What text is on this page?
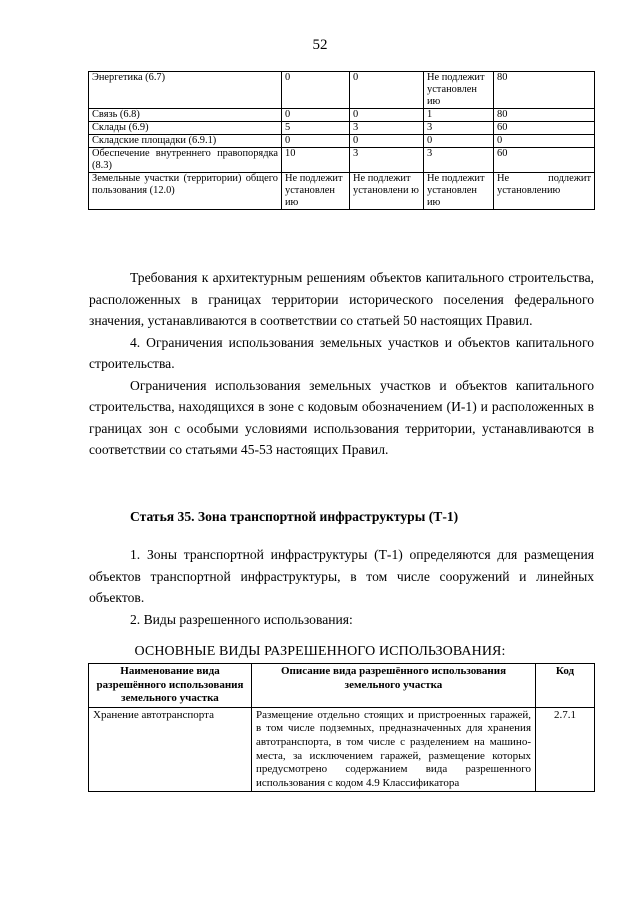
52
Энергетика (6.7)	0	0	Не подлежит установлен ию	80
Связь (6.8)	0	0	1	80
Склады (6.9)	5	3	3	60
Складские площадки (6.9.1)	0	0	0	0
Обеспечение внутреннего правопорядка (8.3)	10	3	3	60
Земельные участки (территории) общего пользования (12.0)	Не подлежит установлен ию	Не подлежит установлени ю	Не подлежит установлен ию	Не подлежит установлению

Требования к архитектурным решениям объектов капитального строительства, расположенных в границах территории исторического поселения федерального значения, устанавливаются в соответствии со статьей 50 настоящих Правил.

4. Ограничения использования земельных участков и объектов капитального строительства.

Ограничения использования земельных участков и объектов капитального строительства, находящихся в зоне с кодовым обозначением (И-1) и расположенных в границах зон с особыми условиями использования территории, устанавливаются в соответствии со статьями 45-53 настоящих Правил.

Статья 35. Зона транспортной инфраструктуры (Т-1)

1. Зоны транспортной инфраструктуры (Т-1) определяются для размещения объектов транспортной инфраструктуры, в том числе сооружений и линейных объектов.

2. Виды разрешенного использования:

ОСНОВНЫЕ ВИДЫ РАЗРЕШЕННОГО ИСПОЛЬЗОВАНИЯ:
Наименование вида разрешённого использования земельного участка	Описание вида разрешённого использования земельного участка	Код
Хранение автотранспорта	Размещение отдельно стоящих и пристроенных гаражей, в том числе подземных, предназначенных для хранения автотранспорта, в том числе с разделением на машино-места, за исключением гаражей, размещение которых предусмотрено содержанием вида разрешенного использования с кодом 4.9 Классификатора	2.7.1
